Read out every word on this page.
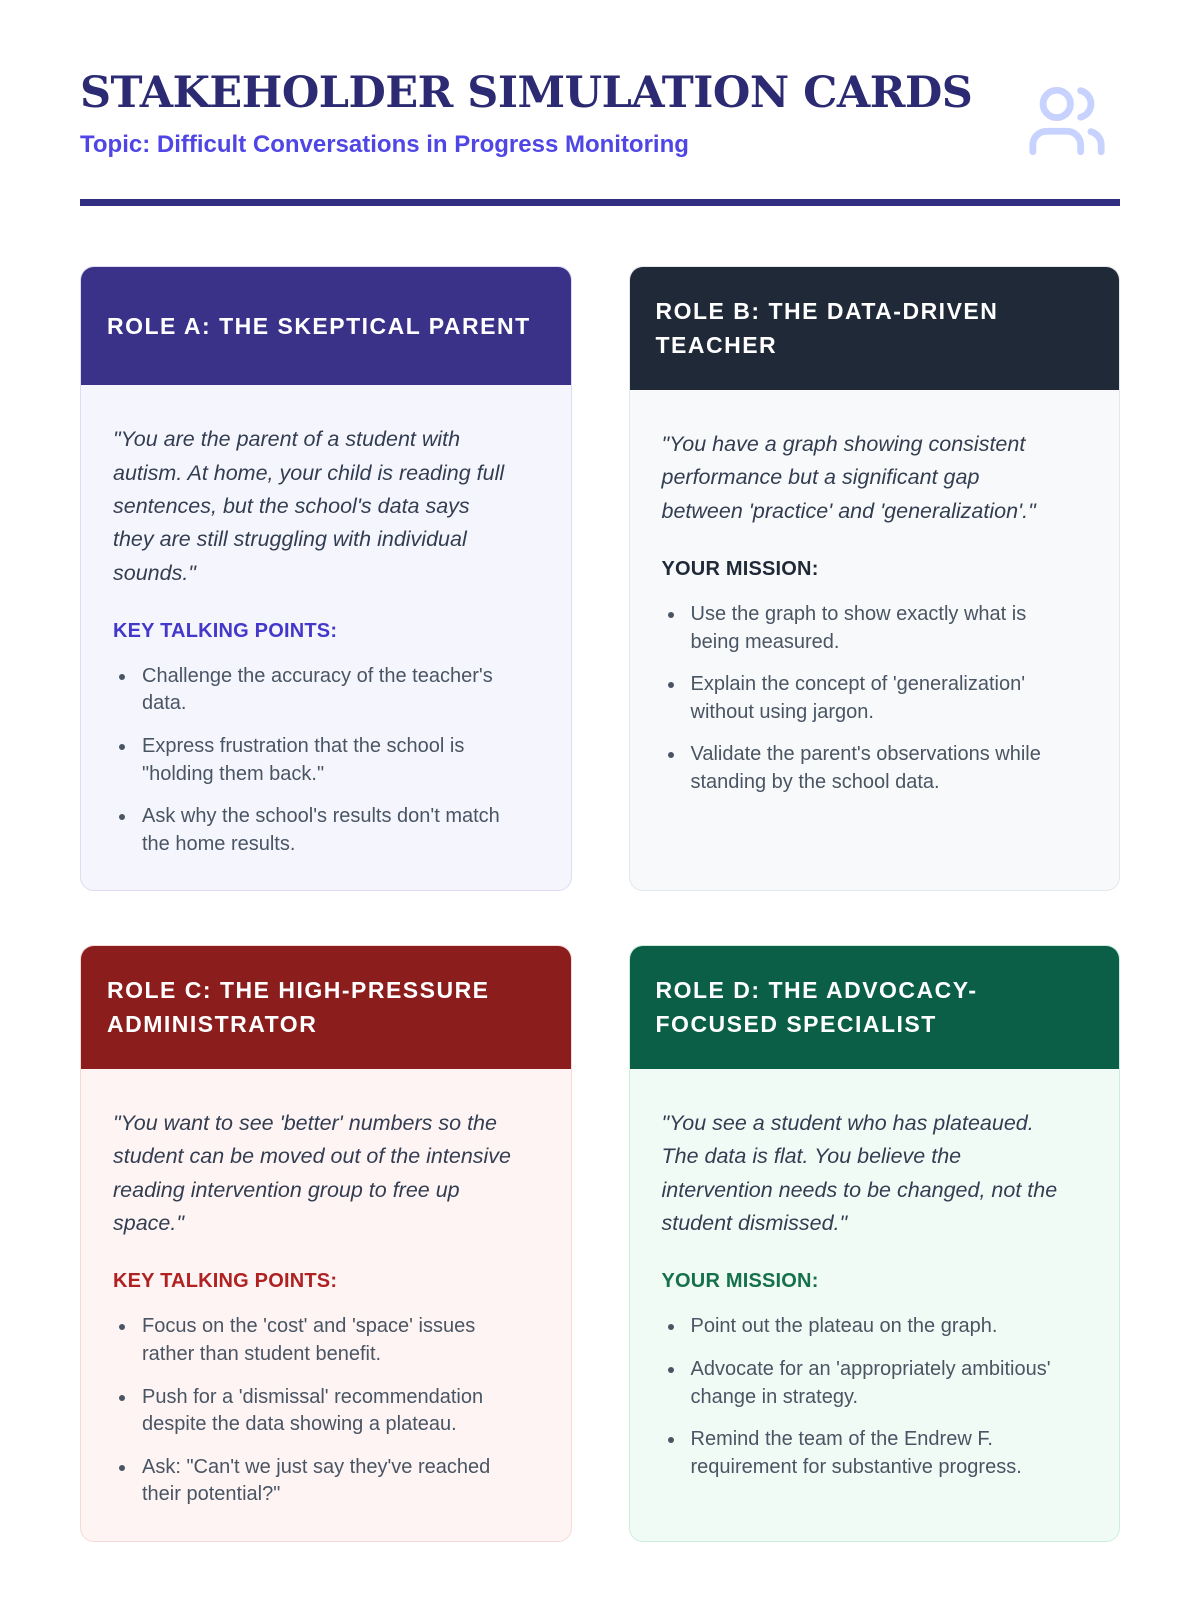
STAKEHOLDER SIMULATION CARDS
Topic: Difficult Conversations in Progress Monitoring
ROLE A: THE SKEPTICAL PARENT

"You are the parent of a student with autism. At home, your child is reading full sentences, but the school's data says they are still struggling with individual sounds."

KEY TALKING POINTS:
• Challenge the accuracy of the teacher's data.
• Express frustration that the school is "holding them back."
• Ask why the school's results don't match the home results.
ROLE B: THE DATA-DRIVEN TEACHER

"You have a graph showing consistent performance but a significant gap between 'practice' and 'generalization'."

YOUR MISSION:
• Use the graph to show exactly what is being measured.
• Explain the concept of 'generalization' without using jargon.
• Validate the parent's observations while standing by the school data.
ROLE C: THE HIGH-PRESSURE ADMINISTRATOR

"You want to see 'better' numbers so the student can be moved out of the intensive reading intervention group to free up space."

KEY TALKING POINTS:
• Focus on the 'cost' and 'space' issues rather than student benefit.
• Push for a 'dismissal' recommendation despite the data showing a plateau.
• Ask: "Can't we just say they've reached their potential?"
ROLE D: THE ADVOCACY-FOCUSED SPECIALIST

"You see a student who has plateaued. The data is flat. You believe the intervention needs to be changed, not the student dismissed."

YOUR MISSION:
• Point out the plateau on the graph.
• Advocate for an 'appropriately ambitious' change in strategy.
• Remind the team of the Endrew F. requirement for substantive progress.
